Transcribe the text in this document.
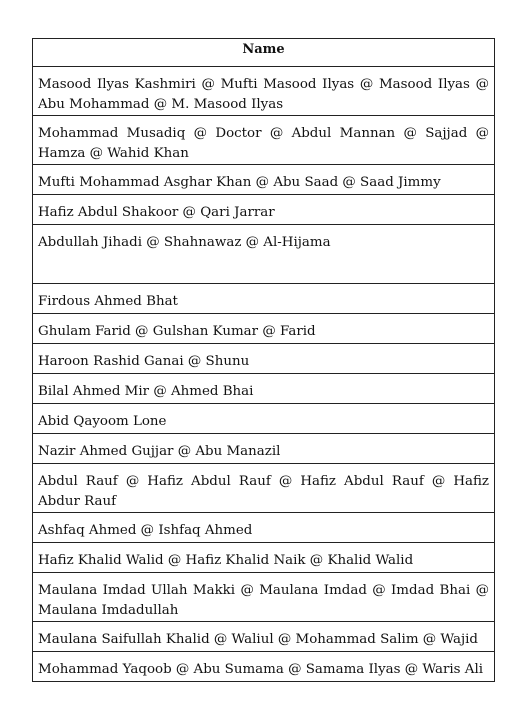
Name
Masood Ilyas Kashmiri @ Mufti Masood Ilyas @ Masood Ilyas @ Abu Mohammad @ M. Masood Ilyas
Mohammad Musadiq @ Doctor @ Abdul Mannan @ Sajjad @ Hamza @ Wahid Khan
Mufti Mohammad Asghar Khan @ Abu Saad @ Saad Jimmy
Hafiz Abdul Shakoor @ Qari Jarrar
Abdullah Jihadi @ Shahnawaz @ Al-Hijama
Firdous Ahmed Bhat
Ghulam Farid @ Gulshan Kumar @ Farid
Haroon Rashid Ganai @ Shunu
Bilal Ahmed Mir @ Ahmed Bhai
Abid Qayoom Lone
Nazir Ahmed Gujjar @ Abu Manazil
Abdul Rauf @ Hafiz Abdul Rauf @ Hafiz Abdul Rauf @ Hafiz Abdur Rauf
Ashfaq Ahmed @ Ishfaq Ahmed
Hafiz Khalid Walid @ Hafiz Khalid Naik @ Khalid Walid
Maulana Imdad Ullah Makki @ Maulana Imdad @ Imdad Bhai @ Maulana Imdadullah
Maulana Saifullah Khalid @ Waliul @ Mohammad Salim @ Wajid
Mohammad Yaqoob @ Abu Sumama @ Samama Ilyas @ Waris Ali
